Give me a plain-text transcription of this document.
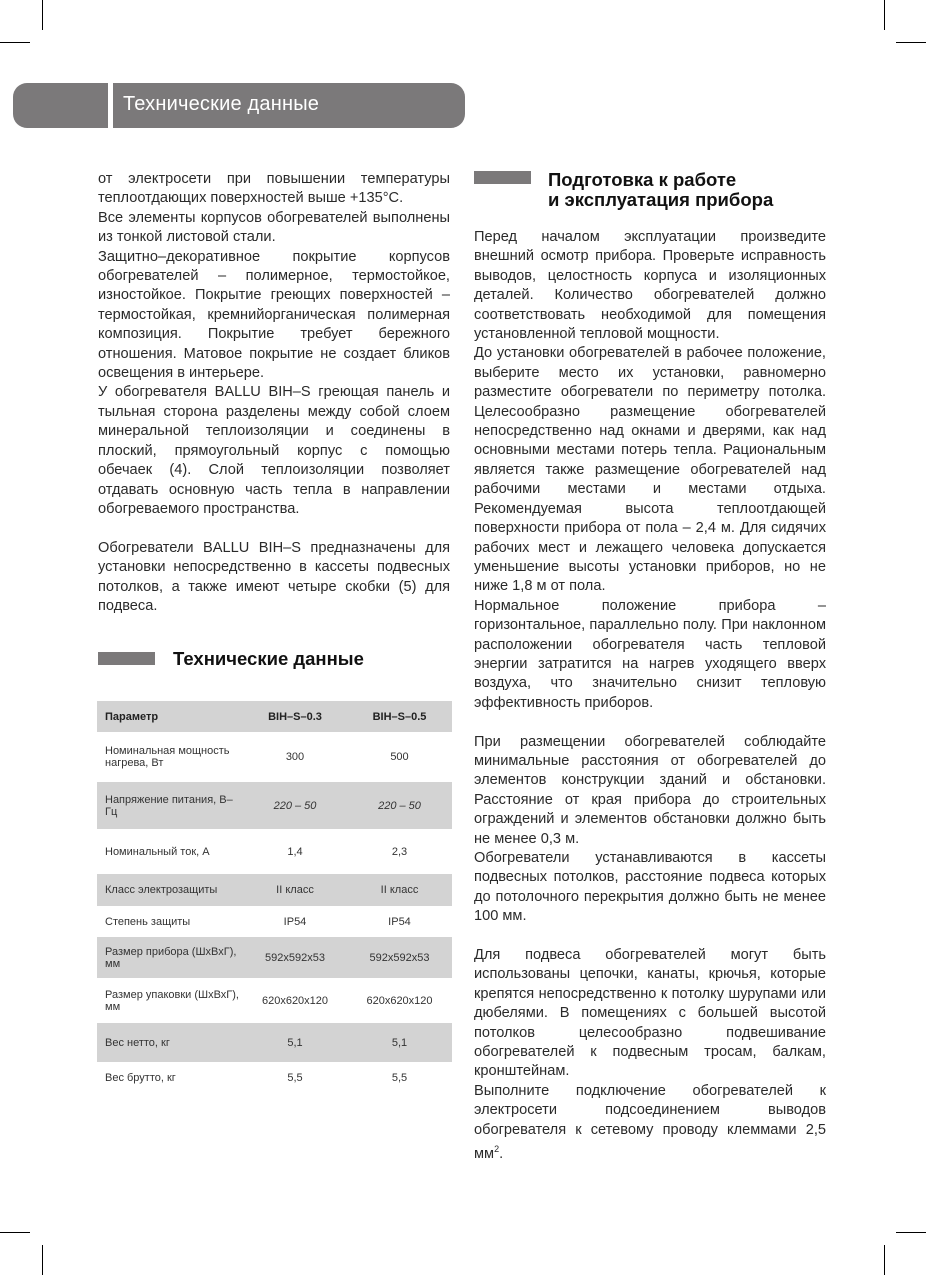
Технические данные

от электросети при повышении температуры теплоотдающих поверхностей выше +135°С.

Все элементы корпусов обогревателей выполнены из тонкой листовой стали.

Защитно–декоративное покрытие корпусов обогревателей – полимерное, термостойкое, изностойкое. Покрытие греющих поверхностей – термостойкая, кремнийорганическая полимерная композиция. Покрытие требует бережного отношения. Матовое покрытие не создает бликов освещения в интерьере.

У обогревателя BALLU BIH–S греющая панель и тыльная сторона разделены между собой слоем минеральной теплоизоляции и соединены в плоский, прямоугольный корпус с помощью обечаек (4). Слой теплоизоляции позволяет отдавать основную часть тепла в направлении обогреваемого пространства.

Обогреватели BALLU BIH–S предназначены для установки непосредственно в кассеты подвесных потолков, а также имеют четыре скобки (5) для подвеса.

Технические данные
Параметр	BIH–S–0.3	BIH–S–0.5
Номинальная мощность нагрева, Вт	300	500
Напряжение питания, В–Гц	220 – 50	220 – 50
Номинальный ток, А	1,4	2,3
Класс электрозащиты	II класс	II класс
Степень защиты	IP54	IP54
Размер прибора (ШхВхГ), мм	592x592x53	592x592x53
Размер упаковки (ШхВхГ), мм	620x620x120	620x620x120
Вес нетто, кг	5,1	5,1
Вес брутто, кг	5,5	5,5
Подготовка к работе
и эксплуатация прибора

Перед началом эксплуатации произведите внешний осмотр прибора. Проверьте исправность выводов, целостность корпуса и изоляционных деталей. Количество обогревателей должно соответствовать необходимой для помещения установленной тепловой мощности.

До установки обогревателей в рабочее положение, выберите место их установки, равномерно разместите обогреватели по периметру потолка. Целесообразно размещение обогревателей непосредственно над окнами и дверями, как над основными местами потерь тепла. Рациональным является также размещение обогревателей над рабочими местами и местами отдыха. Рекомендуемая высота теплоотдающей поверхности прибора от пола – 2,4 м. Для сидячих рабочих мест и лежащего человека допускается уменьшение высоты установки приборов, но не ниже 1,8 м от пола.

Нормальное положение прибора – горизонтальное, параллельно полу. При наклонном расположении обогревателя часть тепловой энергии затратится на нагрев уходящего вверх воздуха, что значительно снизит тепловую эффективность приборов.

При размещении обогревателей соблюдайте минимальные расстояния от обогревателей до элементов конструкции зданий и обстановки. Расстояние от края прибора до строительных ограждений и элементов обстановки должно быть не менее 0,3 м.

Обогреватели устанавливаются в кассеты подвесных потолков, расстояние подвеса которых до потолочного перекрытия должно быть не менее 100 мм.

Для подвеса обогревателей могут быть использованы цепочки, канаты, крючья, которые крепятся непосредственно к потолку шурупами или дюбелями. В помещениях с большей высотой потолков целесообразно подвешивание обогревателей к подвесным тросам, балкам, кронштейнам.

Выполните подключение обогревателей к электросети подсоединением выводов обогревателя к сетевому проводу клеммами 2,5 $мм^2$.
